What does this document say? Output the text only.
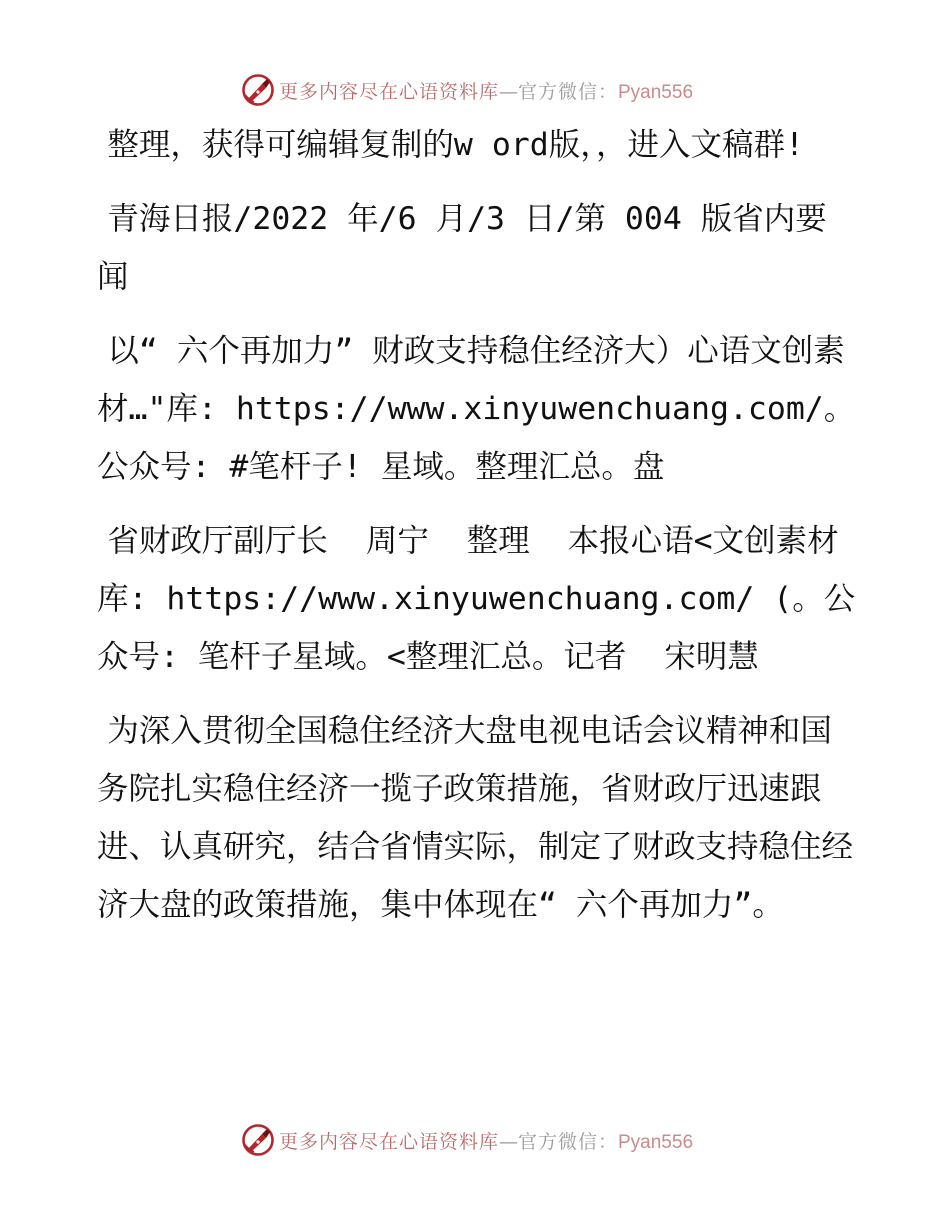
更多内容尽在心语资料库—官方微信：Pyan556

整理，获得可编辑复制的w ord版，，进入文稿群!

青海日报/2022 年/6 月/3 日/第 004 版省内要闻

以“ 六个再加力” 财政支持稳住经济大）心语文创素材…"库: https://www.xinyuwenchuang.com/。公众号: #笔杆子! 星域。整理汇总。盘

省财政厅副厅长  周宁  整理  本报心语<文创素材库: https://www.xinyuwenchuang.com/ (。公众号: 笔杆子星域。<整理汇总。记者  宋明慧

为深入贯彻全国稳住经济大盘电视电话会议精神和国务院扎实稳住经济一揽子政策措施，省财政厅迅速跟进、认真研究，结合省情实际，制定了财政支持稳住经济大盘的政策措施，集中体现在“ 六个再加力”。

更多内容尽在心语资料库—官方微信：Pyan556
